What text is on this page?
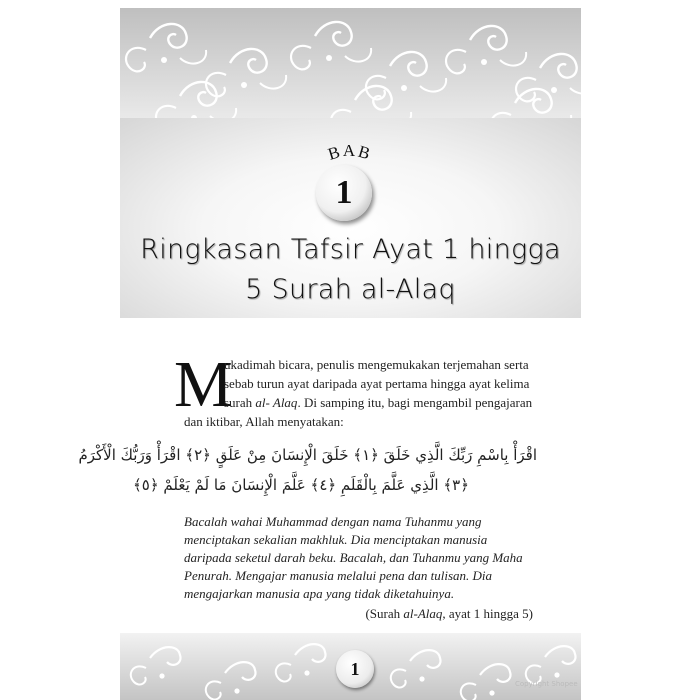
BAB
1
Ringkasan Tafsir Ayat 1 hingga
5 Surah al-Alaq
M
ukadimah bicara, penulis mengemukakan terjemahan serta
sebab turun ayat daripada ayat pertama hingga ayat kelima
surah al- Alaq. Di samping itu, bagi mengambil pengajaran
dan iktibar, Allah menyatakan:
اقْرَأْ بِاسْمِ رَبِّكَ الَّذِي خَلَقَ ﴿١﴾ خَلَقَ الْإِنسَانَ مِنْ عَلَقٍ ﴿٢﴾ اقْرَأْ وَرَبُّكَ الْأَكْرَمُ
﴿٣﴾ الَّذِي عَلَّمَ بِالْقَلَمِ ﴿٤﴾ عَلَّمَ الْإِنسَانَ مَا لَمْ يَعْلَمْ ﴿٥﴾
Bacalah wahai Muhammad dengan nama Tuhanmu yang
menciptakan sekalian makhluk. Dia menciptakan manusia
daripada seketul darah beku. Bacalah, dan Tuhanmu yang Maha
Penurah. Mengajar manusia melalui pena dan tulisan. Dia
mengajarkan manusia apa yang tidak diketahuinya.
(Surah al-Alaq, ayat 1 hingga 5)
1
Copyright Shopee
